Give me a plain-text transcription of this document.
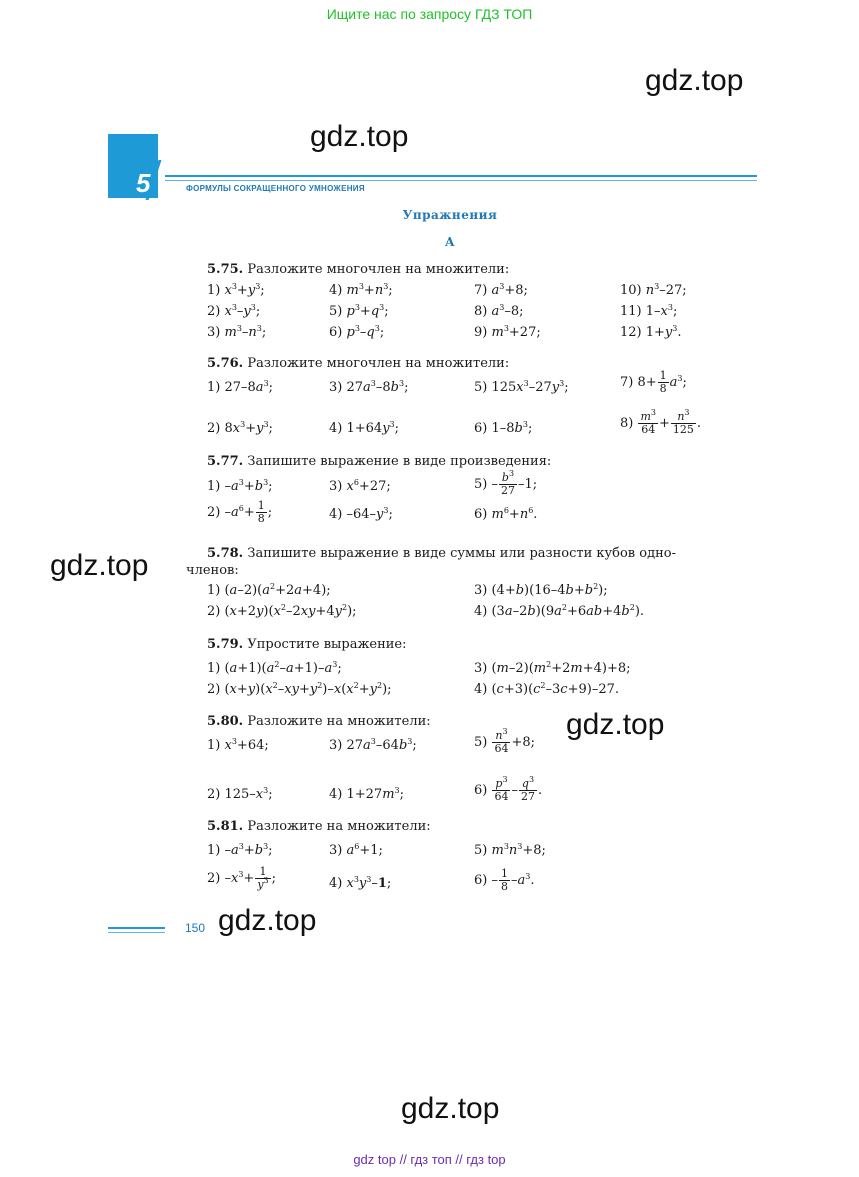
Ищите нас по запросу ГДЗ ТОП
gdz.top
gdz.top
gdz.top
gdz.top
gdz.top
gdz.top
5	ФОРМУЛЫ СОКРАЩЕННОГО УМНОЖЕНИЯ
Упражнения
А
5.75. Разложите многочлен на множители:
1) $x^3+y^3$;
2) $x^3-y^3$;
3) $m^3-n^3$;
4) $m^3+n^3$;
5) $p^3+q^3$;
6) $p^3-q^3$;
7) $a^3+8$;
8) $a^3-8$;
9) $m^3+27$;
10) $n^3-27$;
11) $1-x^3$;
12) $1+y^3$.
5.76. Разложите многочлен на множители:
1) $27-8a^3$;	3) $27a^3-8b^3$;	5) $125x^3-27y^3$;	7) $8+ \frac{1}{8} a^3$;
2) $8x^3+y^3$;	4) $1+64y^3$;	6) $1-8b^3$;	$8) \frac{m^3}{64} + \frac{n^3}{125}$ .
5.77. Запишите выражение в виде произведения:
1) $-a^3+b^3$;	3) $x^6+27$;	$5) - \frac{b^3}{27} -1$;
2) $-a^6+ \frac{1}{8}$ ;	4) $-64-y^3$;	6) $m^6+n^6$.
5.78. Запишите выражение в виде суммы или разности кубов одно-
членов:
1) $(a-2)(a^2+2a+4)$;
2) $(x+2y)(x^2-2xy+4y^2)$;
3) $(4+b)(16-4b+b^2)$;
4) $(3a-2b)(9a^2+6ab+4b^2)$.
5.79. Упростите выражение:
1) $(a+1)(a^2-a+1)-a^3$;
2) $(x+y)(x^2-xy+y^2)-x(x^2+y^2)$;
3) $(m-2)(m^2+2m+4)+8$;
4) $(c+3)(c^2-3c+9)-27$.
5.80. Разложите на множители:
1) $x^3+64$;	3) $27a^3-64b^3$;	$5) \frac{n^3}{64} +8$;
2) $125-x^3$;	4) $1+27m^3$;	$6) \frac{p^3}{64} - \frac{q^3}{27}$ .
5.81. Разложите на множители:
1) $-a^3+b^3$;	3) $a^6+1$;	5) $m^3n^3+8$;
2) $-x^3+ \frac{1}{y^3}$ ;	4) $x^3y^3-1$;	$6) - \frac{1}{8} -a^3$.
150
gdz top // гдз топ // гдз top
